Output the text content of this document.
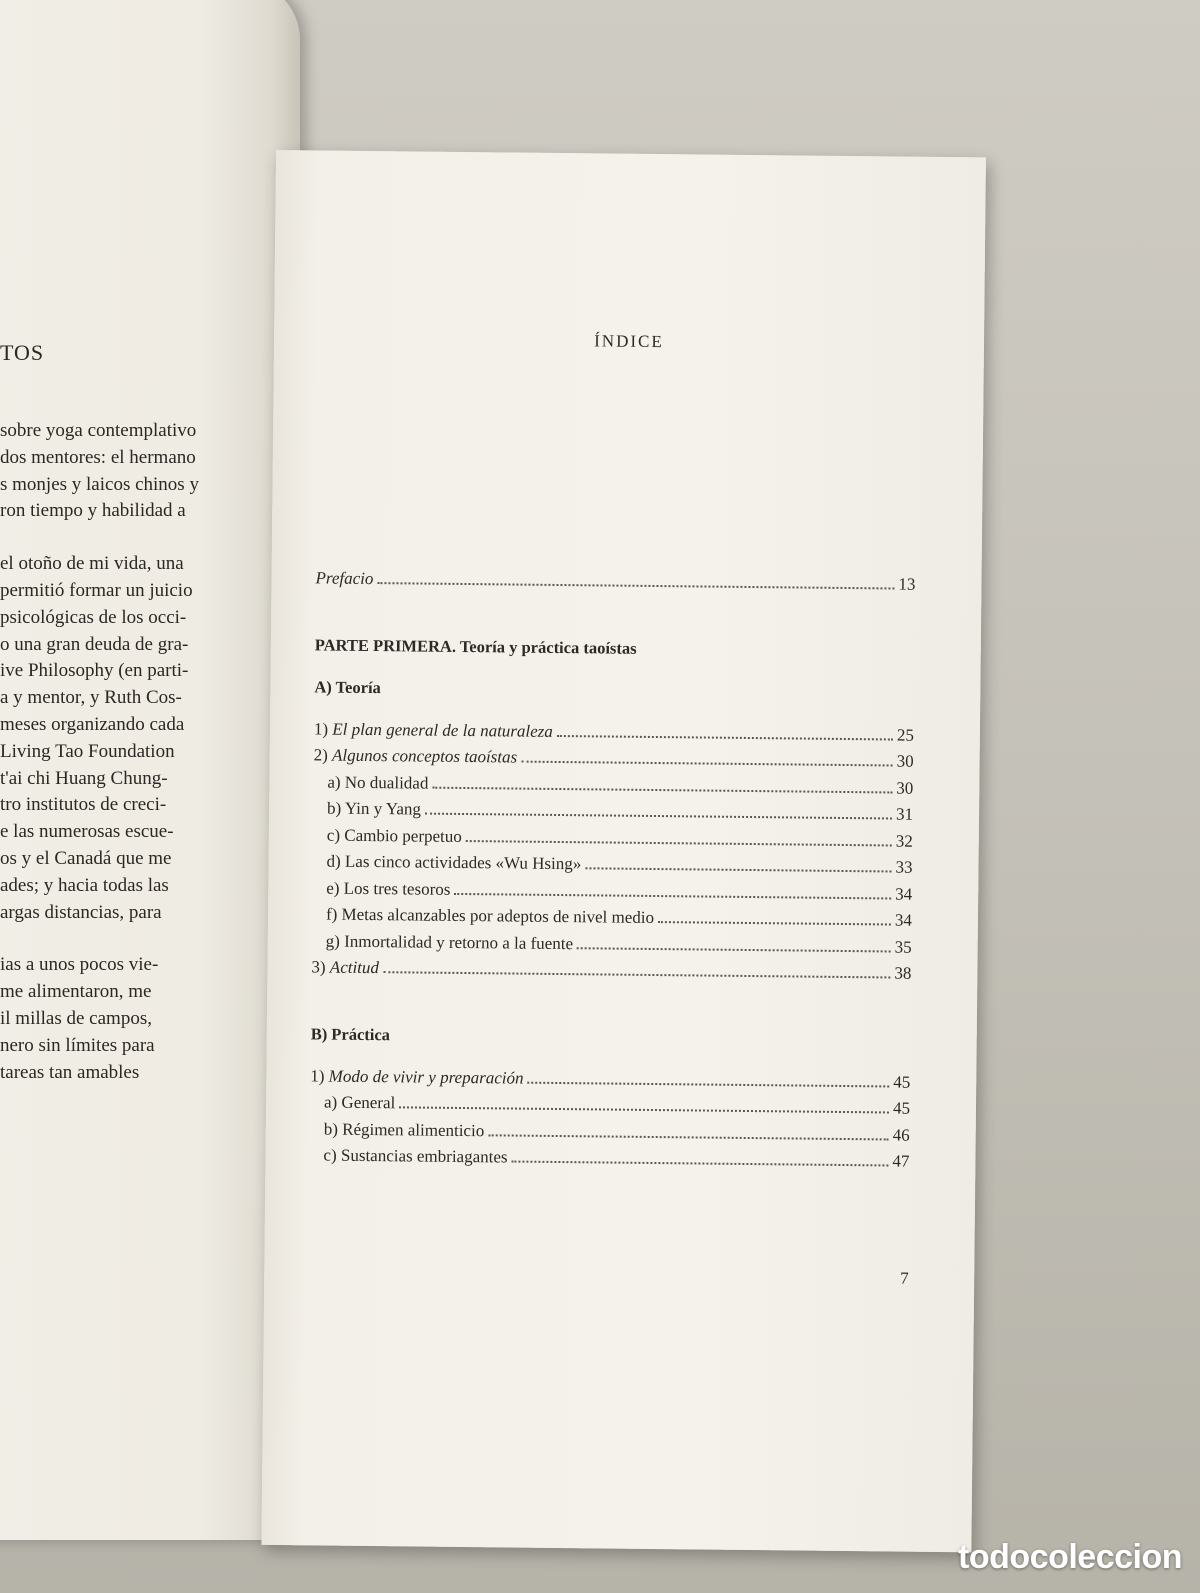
TOS
sobre yoga contemplativo
dos mentores: el hermano
s monjes y laicos chinos y
ron tiempo y habilidad a
el otoño de mi vida, una
permitió formar un juicio
psicológicas de los occi-
o una gran deuda de gra-
ive Philosophy (en parti-
a y mentor, y Ruth Cos-
meses organizando cada
Living Tao Foundation
t'ai chi Huang Chung-
tro institutos de creci-
e las numerosas escue-
os y el Canadá que me
ades; y hacia todas las
argas distancias, para
ias a unos pocos vie-
me alimentaron, me
il millas de campos,
nero sin límites para
tareas tan amables
ÍNDICE
Prefacio	13
PARTE PRIMERA. Teoría y práctica taoístas
A) Teoría
1) El plan general de la naturaleza	25
2) Algunos conceptos taoístas	30
a) No dualidad	30
b) Yin y Yang	31
c) Cambio perpetuo	32
d) Las cinco actividades «Wu Hsing»	33
e) Los tres tesoros	34
f) Metas alcanzables por adeptos de nivel medio	34
g) Inmortalidad y retorno a la fuente	35
3) Actitud	38
B) Práctica
1) Modo de vivir y preparación	45
a) General	45
b) Régimen alimenticio	46
c) Sustancias embriagantes	47
7
todocoleccion
